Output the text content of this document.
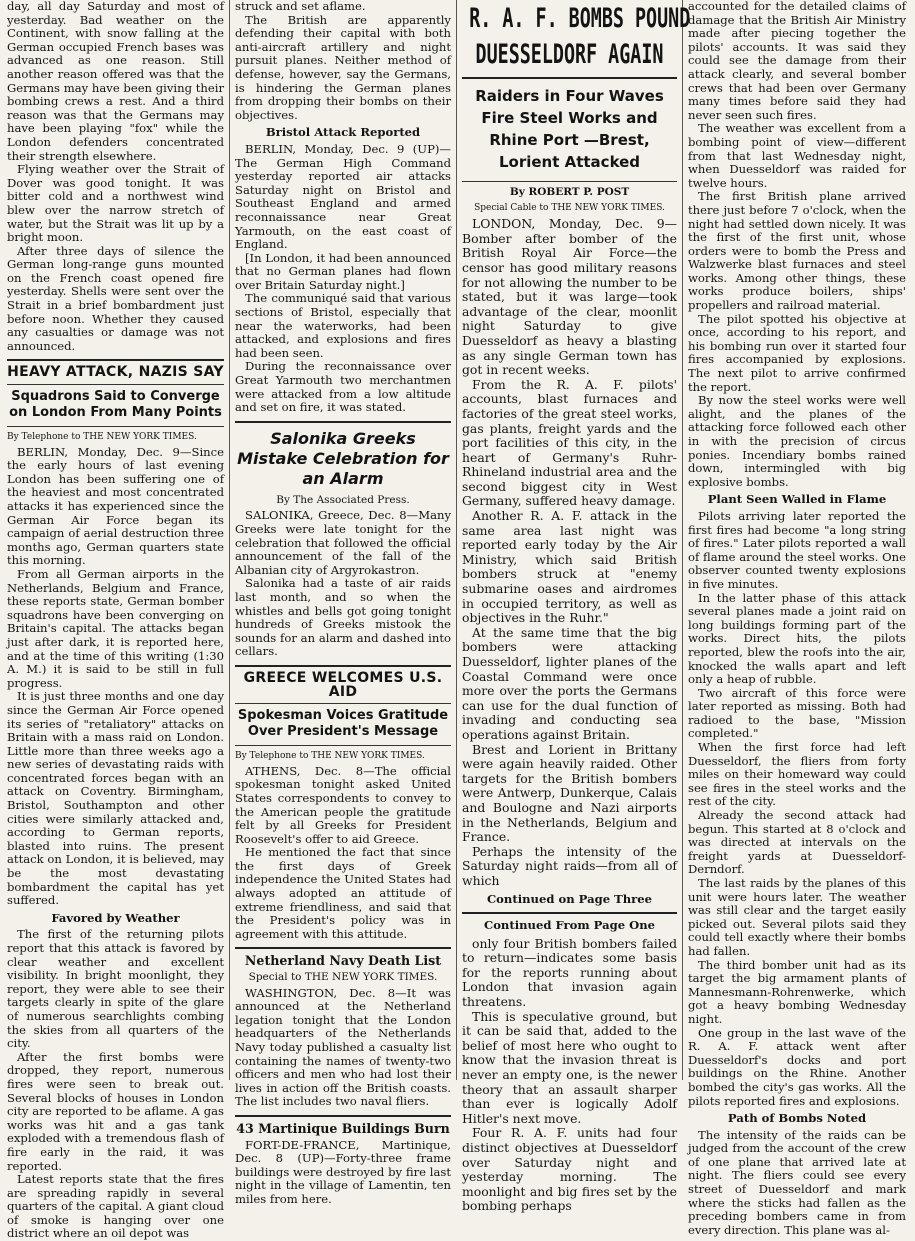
day, all day Saturday and most of yesterday. Bad weather on the Continent, with snow falling at the German occupied French bases was advanced as one reason. Still another reason offered was that the Germans may have been giving their bombing crews a rest. And a third reason was that the Germans may have been playing "fox" while the London defenders concentrated their strength elsewhere.

Flying weather over the Strait of Dover was good tonight. It was bitter cold and a northwest wind blew over the narrow stretch of water, but the Strait was lit up by a bright moon.

After three days of silence the German long-range guns mounted on the French coast opened fire yesterday. Shells were sent over the Strait in a brief bombardment just before noon. Whether they caused any casualties or damage was not announced.

HEAVY ATTACK, NAZIS SAY
Squadrons Said to Converge on London From Many Points
By Telephone to THE NEW YORK TIMES.

BERLIN, Monday, Dec. 9—Since the early hours of last evening London has been suffering one of the heaviest and most concentrated attacks it has experienced since the German Air Force began its campaign of aerial destruction three months ago, German quarters state this morning.

From all German airports in the Netherlands, Belgium and France, these reports state, German bomber squadrons have been converging on Britain's capital. The attacks began just after dark, it is reported here, and at the time of this writing (1:30 A. M.) it is said to be still in full progress.

It is just three months and one day since the German Air Force opened its series of "retaliatory" attacks on Britain with a mass raid on London. Little more than three weeks ago a new series of devastating raids with concentrated forces began with an attack on Coventry. Birmingham, Bristol, Southampton and other cities were similarly attacked and, according to German reports, blasted into ruins. The present attack on London, it is believed, may be the most devastating bombardment the capital has yet suffered.

Favored by Weather

The first of the returning pilots report that this attack is favored by clear weather and excellent visibility. In bright moonlight, they report, they were able to see their targets clearly in spite of the glare of numerous searchlights combing the skies from all quarters of the city.

After the first bombs were dropped, they report, numerous fires were seen to break out. Several blocks of houses in London city are reported to be aflame. A gas works was hit and a gas tank exploded with a tremendous flash of fire early in the raid, it was reported.

Latest reports state that the fires are spreading rapidly in several quarters of the capital. A giant cloud of smoke is hanging over one district where an oil depot was

struck and set aflame.

The British are apparently defending their capital with both anti-aircraft artillery and night pursuit planes. Neither method of defense, however, say the Germans, is hindering the German planes from dropping their bombs on their objectives.

Bristol Attack Reported

BERLIN, Monday, Dec. 9 (UP)—The German High Command yesterday reported air attacks Saturday night on Bristol and Southeast England and armed reconnaissance near Great Yarmouth, on the east coast of England.

[In London, it had been announced that no German planes had flown over Britain Saturday night.]

The communiqué said that various sections of Bristol, especially that near the waterworks, had been attacked, and explosions and fires had been seen.

During the reconnaissance over Great Yarmouth two merchantmen were attacked from a low altitude and set on fire, it was stated.

Salonika Greeks Mistake Celebration for an Alarm
By The Associated Press.

SALONIKA, Greece, Dec. 8—Many Greeks were late tonight for the celebration that followed the official announcement of the fall of the Albanian city of Argyrokastron.

Salonika had a taste of air raids last month, and so when the whistles and bells got going tonight hundreds of Greeks mistook the sounds for an alarm and dashed into cellars.

GREECE WELCOMES U.S. AID
Spokesman Voices Gratitude Over President's Message
By Telephone to THE NEW YORK TIMES.

ATHENS, Dec. 8—The official spokesman tonight asked United States correspondents to convey to the American people the gratitude felt by all Greeks for President Roosevelt's offer to aid Greece.

He mentioned the fact that since the first days of Greek independence the United States had always adopted an attitude of extreme friendliness, and said that the President's policy was in agreement with this attitude.

Netherland Navy Death List
Special to THE NEW YORK TIMES.

WASHINGTON, Dec. 8—It was announced at the Netherland legation tonight that the London headquarters of the Netherlands Navy today published a casualty list containing the names of twenty-two officers and men who had lost their lives in action off the British coasts. The list includes two naval fliers.

43 Martinique Buildings Burn

FORT-DE-FRANCE, Martinique, Dec. 8 (UP)—Forty-three frame buildings were destroyed by fire last night in the village of Lamentin, ten miles from here.

R. A. F. BOMBS POUND
DUESSELDORF AGAIN
Raiders in Four Waves Fire Steel Works and Rhine Port —Brest, Lorient Attacked
By ROBERT P. POST
Special Cable to THE NEW YORK TIMES.

LONDON, Monday, Dec. 9—Bomber after bomber of the British Royal Air Force—the censor has good military reasons for not allowing the number to be stated, but it was large—took advantage of the clear, moonlit night Saturday to give Duesseldorf as heavy a blasting as any single German town has got in recent weeks.

From the R. A. F. pilots' accounts, blast furnaces and factories of the great steel works, gas plants, freight yards and the port facilities of this city, in the heart of Germany's Ruhr-Rhineland industrial area and the second biggest city in West Germany, suffered heavy damage.

Another R. A. F. attack in the same area last night was reported early today by the Air Ministry, which said British bombers struck at "enemy submarine oases and airdromes in occupied territory, as well as objectives in the Ruhr."

At the same time that the big bombers were attacking Duesseldorf, lighter planes of the Coastal Command were once more over the ports the Germans can use for the dual function of invading and conducting sea operations against Britain.

Brest and Lorient in Brittany were again heavily raided. Other targets for the British bombers were Antwerp, Dunkerque, Calais and Boulogne and Nazi airports in the Netherlands, Belgium and France.

Perhaps the intensity of the Saturday night raids—from all of which

Continued on Page Three
Continued From Page One

only four British bombers failed to return—indicates some basis for the reports running about London that invasion again threatens.

This is speculative ground, but it can be said that, added to the belief of most here who ought to know that the invasion threat is never an empty one, is the newer theory that an assault sharper than ever is logically Adolf Hitler's next move.

Four R. A. F. units had four distinct objectives at Duesseldorf over Saturday night and yesterday morning. The moonlight and big fires set by the bombing perhaps

accounted for the detailed claims of damage that the British Air Ministry made after piecing together the pilots' accounts. It was said they could see the damage from their attack clearly, and several bomber crews that had been over Germany many times before said they had never seen such fires.

The weather was excellent from a bombing point of view—different from that last Wednesday night, when Duesseldorf was raided for twelve hours.

The first British plane arrived there just before 7 o'clock, when the night had settled down nicely. It was the first of the first unit, whose orders were to bomb the Press and Walzwerke blast furnaces and steel works. Among other things, these works produce boilers, ships' propellers and railroad material.

The pilot spotted his objective at once, according to his report, and his bombing run over it started four fires accompanied by explosions. The next pilot to arrive confirmed the report.

By now the steel works were well alight, and the planes of the attacking force followed each other in with the precision of circus ponies. Incendiary bombs rained down, intermingled with big explosive bombs.

Plant Seen Walled in Flame

Pilots arriving later reported the first fires had become "a long string of fires." Later pilots reported a wall of flame around the steel works. One observer counted twenty explosions in five minutes.

In the latter phase of this attack several planes made a joint raid on long buildings forming part of the works. Direct hits, the pilots reported, blew the roofs into the air, knocked the walls apart and left only a heap of rubble.

Two aircraft of this force were later reported as missing. Both had radioed to the base, "Mission completed."

When the first force had left Duesseldorf, the fliers from forty miles on their homeward way could see fires in the steel works and the rest of the city.

Already the second attack had begun. This started at 8 o'clock and was directed at intervals on the freight yards at Duesseldorf-Derndorf.

The last raids by the planes of this unit were hours later. The weather was still clear and the target easily picked out. Several pilots said they could tell exactly where their bombs had fallen.

The third bomber unit had as its target the big armament plants of Mannesmann-Rohrenwerke, which got a heavy bombing Wednesday night.

One group in the last wave of the R. A. F. attack went after Duesseldorf's docks and port buildings on the Rhine. Another bombed the city's gas works. All the pilots reported fires and explosions.

Path of Bombs Noted

The intensity of the raids can be judged from the account of the crew of one plane that arrived late at night. The fliers could see every street of Duesseldorf and mark where the sticks had fallen as the preceding bombers came in from every direction. This plane was al-
